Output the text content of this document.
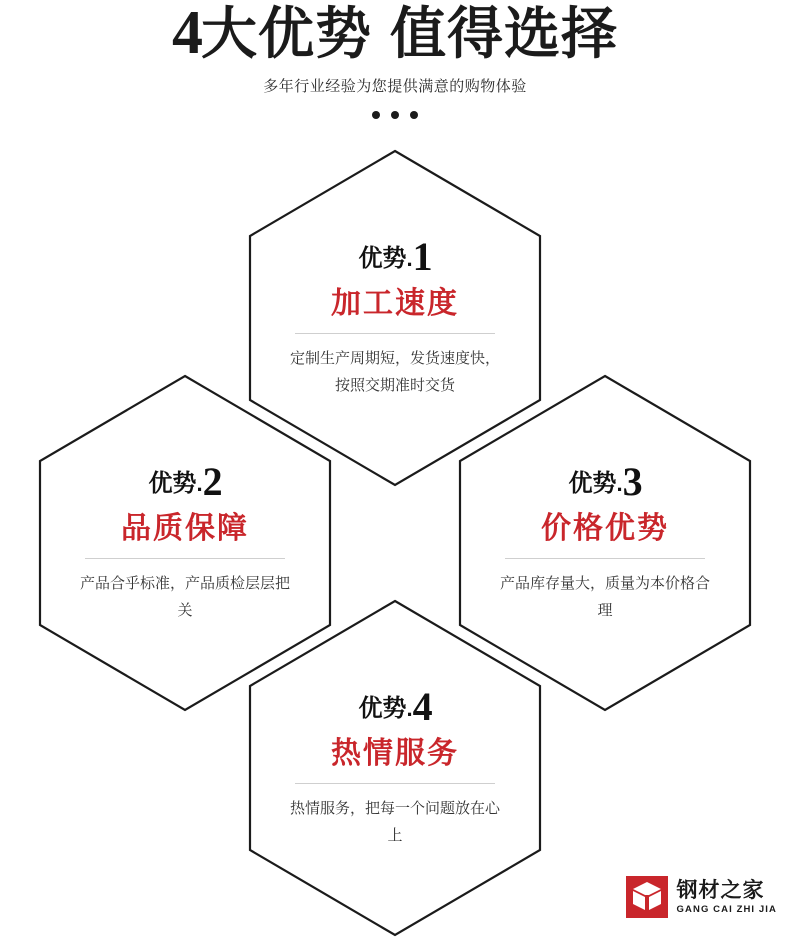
4大优势 值得选择

多年行业经验为您提供满意的购物体验

优势.1
加工速度
定制生产周期短，发货速度快，按照交期准时交货
优势.2
品质保障
产品合乎标准，产品质检层层把关
优势.3
价格优势
产品库存量大，质量为本价格合理
优势.4
热情服务
热情服务，把每一个问题放在心上
钢材之家
GANG CAI ZHI JIA
